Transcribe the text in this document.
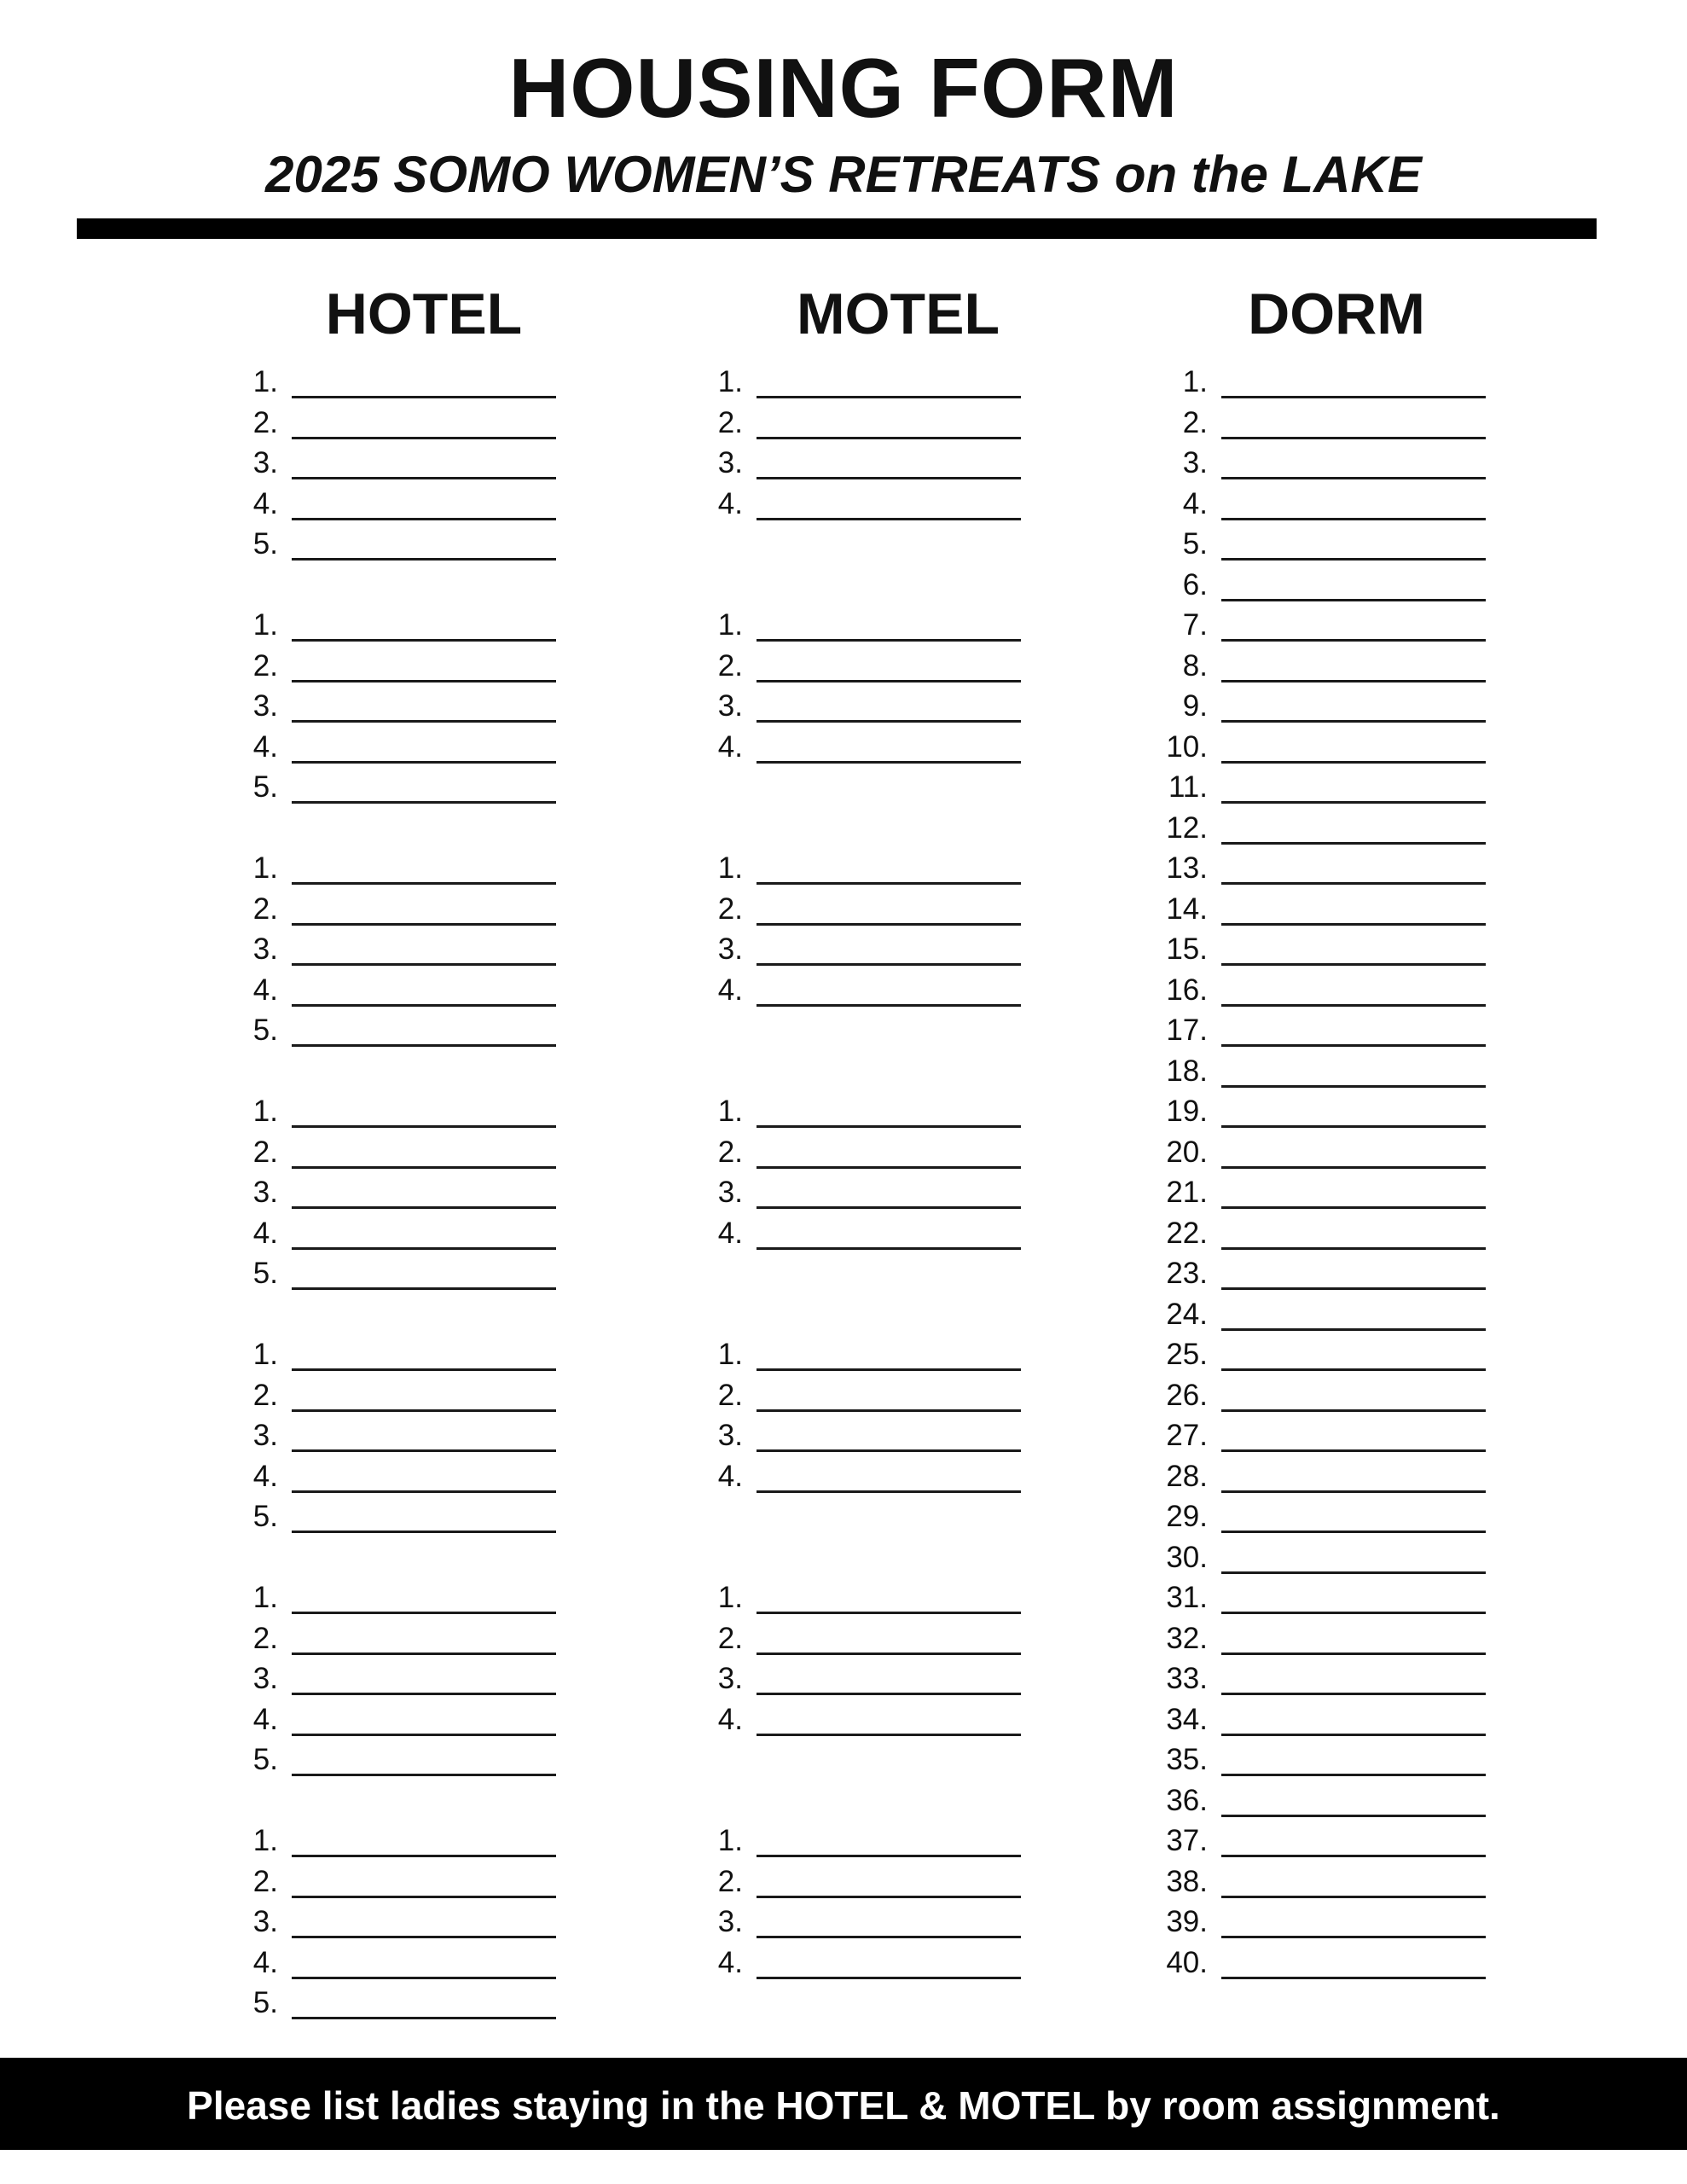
HOUSING FORM
2025 SOMO WOMEN’S RETREATS on the LAKE
HOTEL	MOTEL	DORM
1.
2.
3.
4.
5.
1.
2.
3.
4.
5.
1.
2.
3.
4.
5.
1.
2.
3.
4.
5.
1.
2.
3.
4.
5.
1.
2.
3.
4.
5.
1.
2.
3.
4.
5.
1.
2.
3.
4.
1.
2.
3.
4.
1.
2.
3.
4.
1.
2.
3.
4.
1.
2.
3.
4.
1.
2.
3.
4.
1.
2.
3.
4.
1.
2.
3.
4.
5.
6.
7.
8.
9.
10.
11.
12.
13.
14.
15.
16.
17.
18.
19.
20.
21.
22.
23.
24.
25.
26.
27.
28.
29.
30.
31.
32.
33.
34.
35.
36.
37.
38.
39.
40.
Please list ladies staying in the HOTEL & MOTEL by room assignment.
